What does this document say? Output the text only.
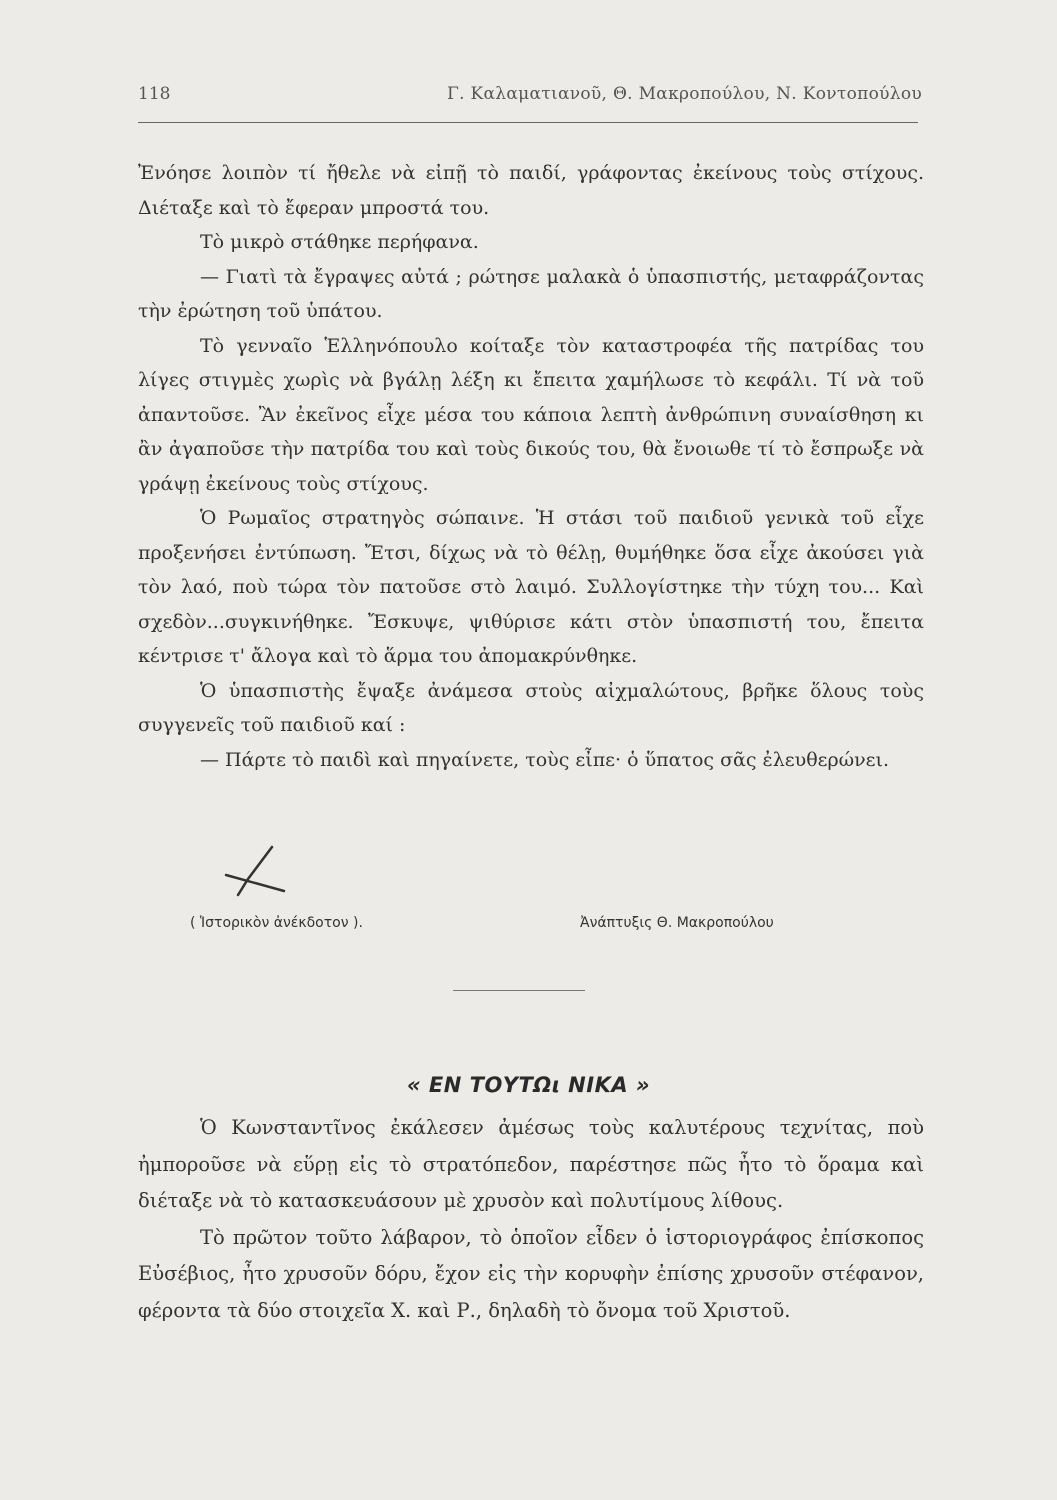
118	Γ. Καλαματιανοῦ, Θ. Μακροπούλου, Ν. Κοντοπούλου

Ἐνόησε λοιπὸν τί ἤθελε νὰ εἰπῇ τὸ παιδί, γράφοντας ἐκείνους τοὺς στίχους. Διέταξε καὶ τὸ ἔφεραν μπροστά του.

Τὸ μικρὸ στάθηκε περήφανα.

— Γιατὶ τὰ ἔγραψες αὐτά ; ρώτησε μαλακὰ ὁ ὑπασπιστής, μεταφράζοντας τὴν ἐρώτηση τοῦ ὑπάτου.

Τὸ γενναῖο Ἑλληνόπουλο κοίταξε τὸν καταστροφέα τῆς πατρίδας του λίγες στιγμὲς χωρὶς νὰ βγάλῃ λέξη κι ἔπειτα χαμήλωσε τὸ κεφάλι. Τί νὰ τοῦ ἀπαντοῦσε. Ἂν ἐκεῖνος εἶχε μέσα του κάποια λεπτὴ ἀνθρώπινη συναίσθηση κι ἂν ἀγαποῦσε τὴν πατρίδα του καὶ τοὺς δικούς του, θὰ ἔνοιωθε τί τὸ ἔσπρωξε νὰ γράψῃ ἐκείνους τοὺς στίχους.

Ὁ Ρωμαῖος στρατηγὸς σώπαινε. Ἡ στάσι τοῦ παιδιοῦ γενικὰ τοῦ εἶχε προξενήσει ἐντύπωση. Ἔτσι, δίχως νὰ τὸ θέλῃ, θυμήθηκε ὅσα εἶχε ἀκούσει γιὰ τὸν λαό, ποὺ τώρα τὸν πατοῦσε στὸ λαιμό. Συλλογίστηκε τὴν τύχη του... Καὶ σχεδὸν...συγκινήθηκε. Ἔσκυψε, ψιθύρισε κάτι στὸν ὑπασπιστή του, ἔπειτα κέντρισε τ' ἄλογα καὶ τὸ ἅρμα του ἀπομακρύνθηκε.

Ὁ ὑπασπιστὴς ἔψαξε ἀνάμεσα στοὺς αἰχμαλώτους, βρῆκε ὅλους τοὺς συγγενεῖς τοῦ παιδιοῦ καί :

— Πάρτε τὸ παιδὶ καὶ πηγαίνετε, τοὺς εἶπε· ὁ ὕπατος σᾶς ἐλευθερώνει.

( Ἱστορικὸν ἀνέκδοτον ).	Ἀνάπτυξις Θ. Μακροπούλου
« ΕΝ ΤΟΥΤΩι ΝΙΚΑ »

Ὁ Κωνσταντῖνος ἐκάλεσεν ἀμέσως τοὺς καλυτέρους τεχνίτας, ποὺ ἠμποροῦσε νὰ εὕρῃ εἰς τὸ στρατόπεδον, παρέστησε πῶς ἦτο τὸ ὅραμα καὶ διέταξε νὰ τὸ κατασκευάσουν μὲ χρυσὸν καὶ πολυτίμους λίθους.

Τὸ πρῶτον τοῦτο λάβαρον, τὸ ὁποῖον εἶδεν ὁ ἱστοριογράφος ἐπίσκοπος Εὐσέβιος, ἦτο χρυσοῦν δόρυ, ἔχον εἰς τὴν κορυφὴν ἐπίσης χρυσοῦν στέφανον, φέροντα τὰ δύο στοιχεῖα Χ. καὶ Ρ., δηλαδὴ τὸ ὄνομα τοῦ Χριστοῦ.
